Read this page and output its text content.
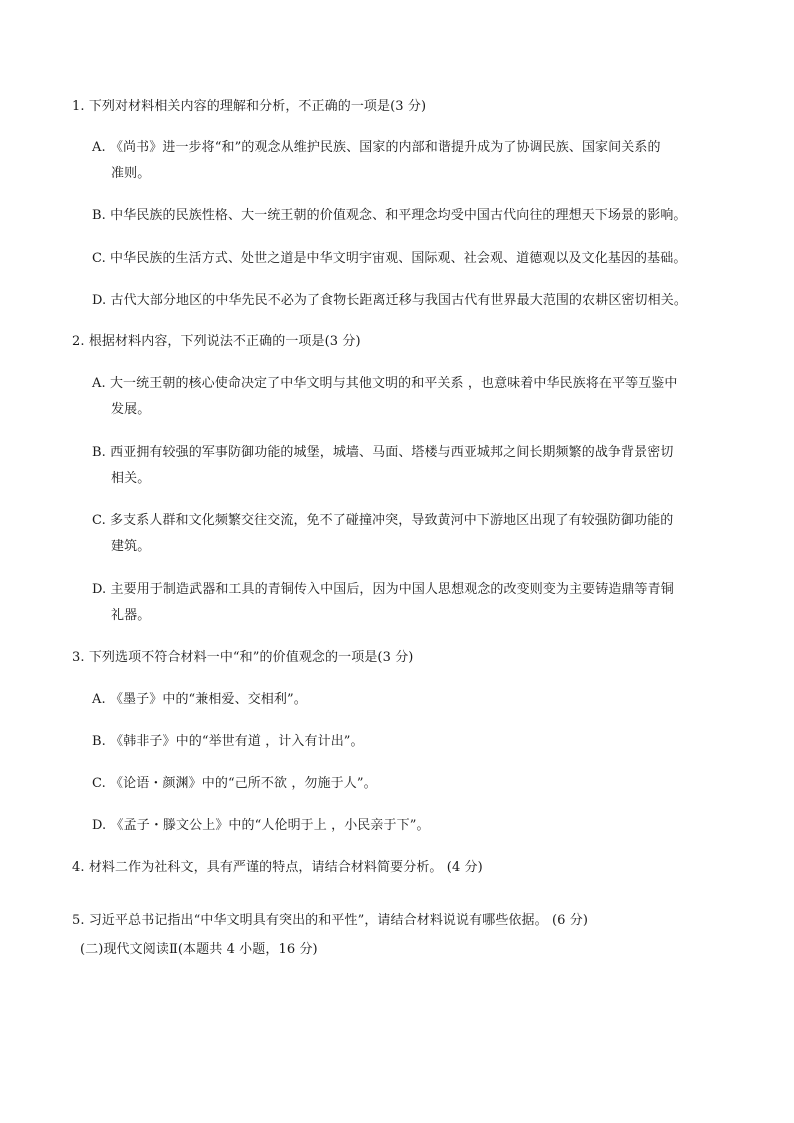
1. 下列对材料相关内容的理解和分析，不正确的一项是(3 分)
A. 《尚书》进一步将“和”的观念从维护民族、国家的内部和谐提升成为了协调民族、国家间关系的
准则。
B. 中华民族的民族性格、大一统王朝的价值观念、和平理念均受中国古代向往的理想天下场景的影响。
C. 中华民族的生活方式、处世之道是中华文明宇宙观、国际观、社会观、道德观以及文化基因的基础。
D. 古代大部分地区的中华先民不必为了食物长距离迁移与我国古代有世界最大范围的农耕区密切相关。
2. 根据材料内容，下列说法不正确的一项是(3 分)
A. 大一统王朝的核心使命决定了中华文明与其他文明的和平关系 ，也意味着中华民族将在平等互鉴中
发展。
B. 西亚拥有较强的军事防御功能的城堡，城墙、马面、塔楼与西亚城邦之间长期频繁的战争背景密切
相关。
C. 多支系人群和文化频繁交往交流，免不了碰撞冲突，导致黄河中下游地区出现了有较强防御功能的
建筑。
D. 主要用于制造武器和工具的青铜传入中国后，因为中国人思想观念的改变则变为主要铸造鼎等青铜
礼器。
3. 下列选项不符合材料一中“和”的价值观念的一项是(3 分)
A. 《墨子》中的“兼相爱、交相利”。
B. 《韩非子》中的“举世有道 ，计入有计出”。
C. 《论语・颜渊》中的“己所不欲 ，勿施于人”。
D. 《孟子・滕文公上》中的“人伦明于上 ，小民亲于下”。
4. 材料二作为社科文，具有严谨的特点，请结合材料简要分析。 (4 分)
5. 习近平总书记指出“中华文明具有突出的和平性”，请结合材料说说有哪些依据。 (6 分)
(二)现代文阅读Ⅱ(本题共 4 小题，16 分)
